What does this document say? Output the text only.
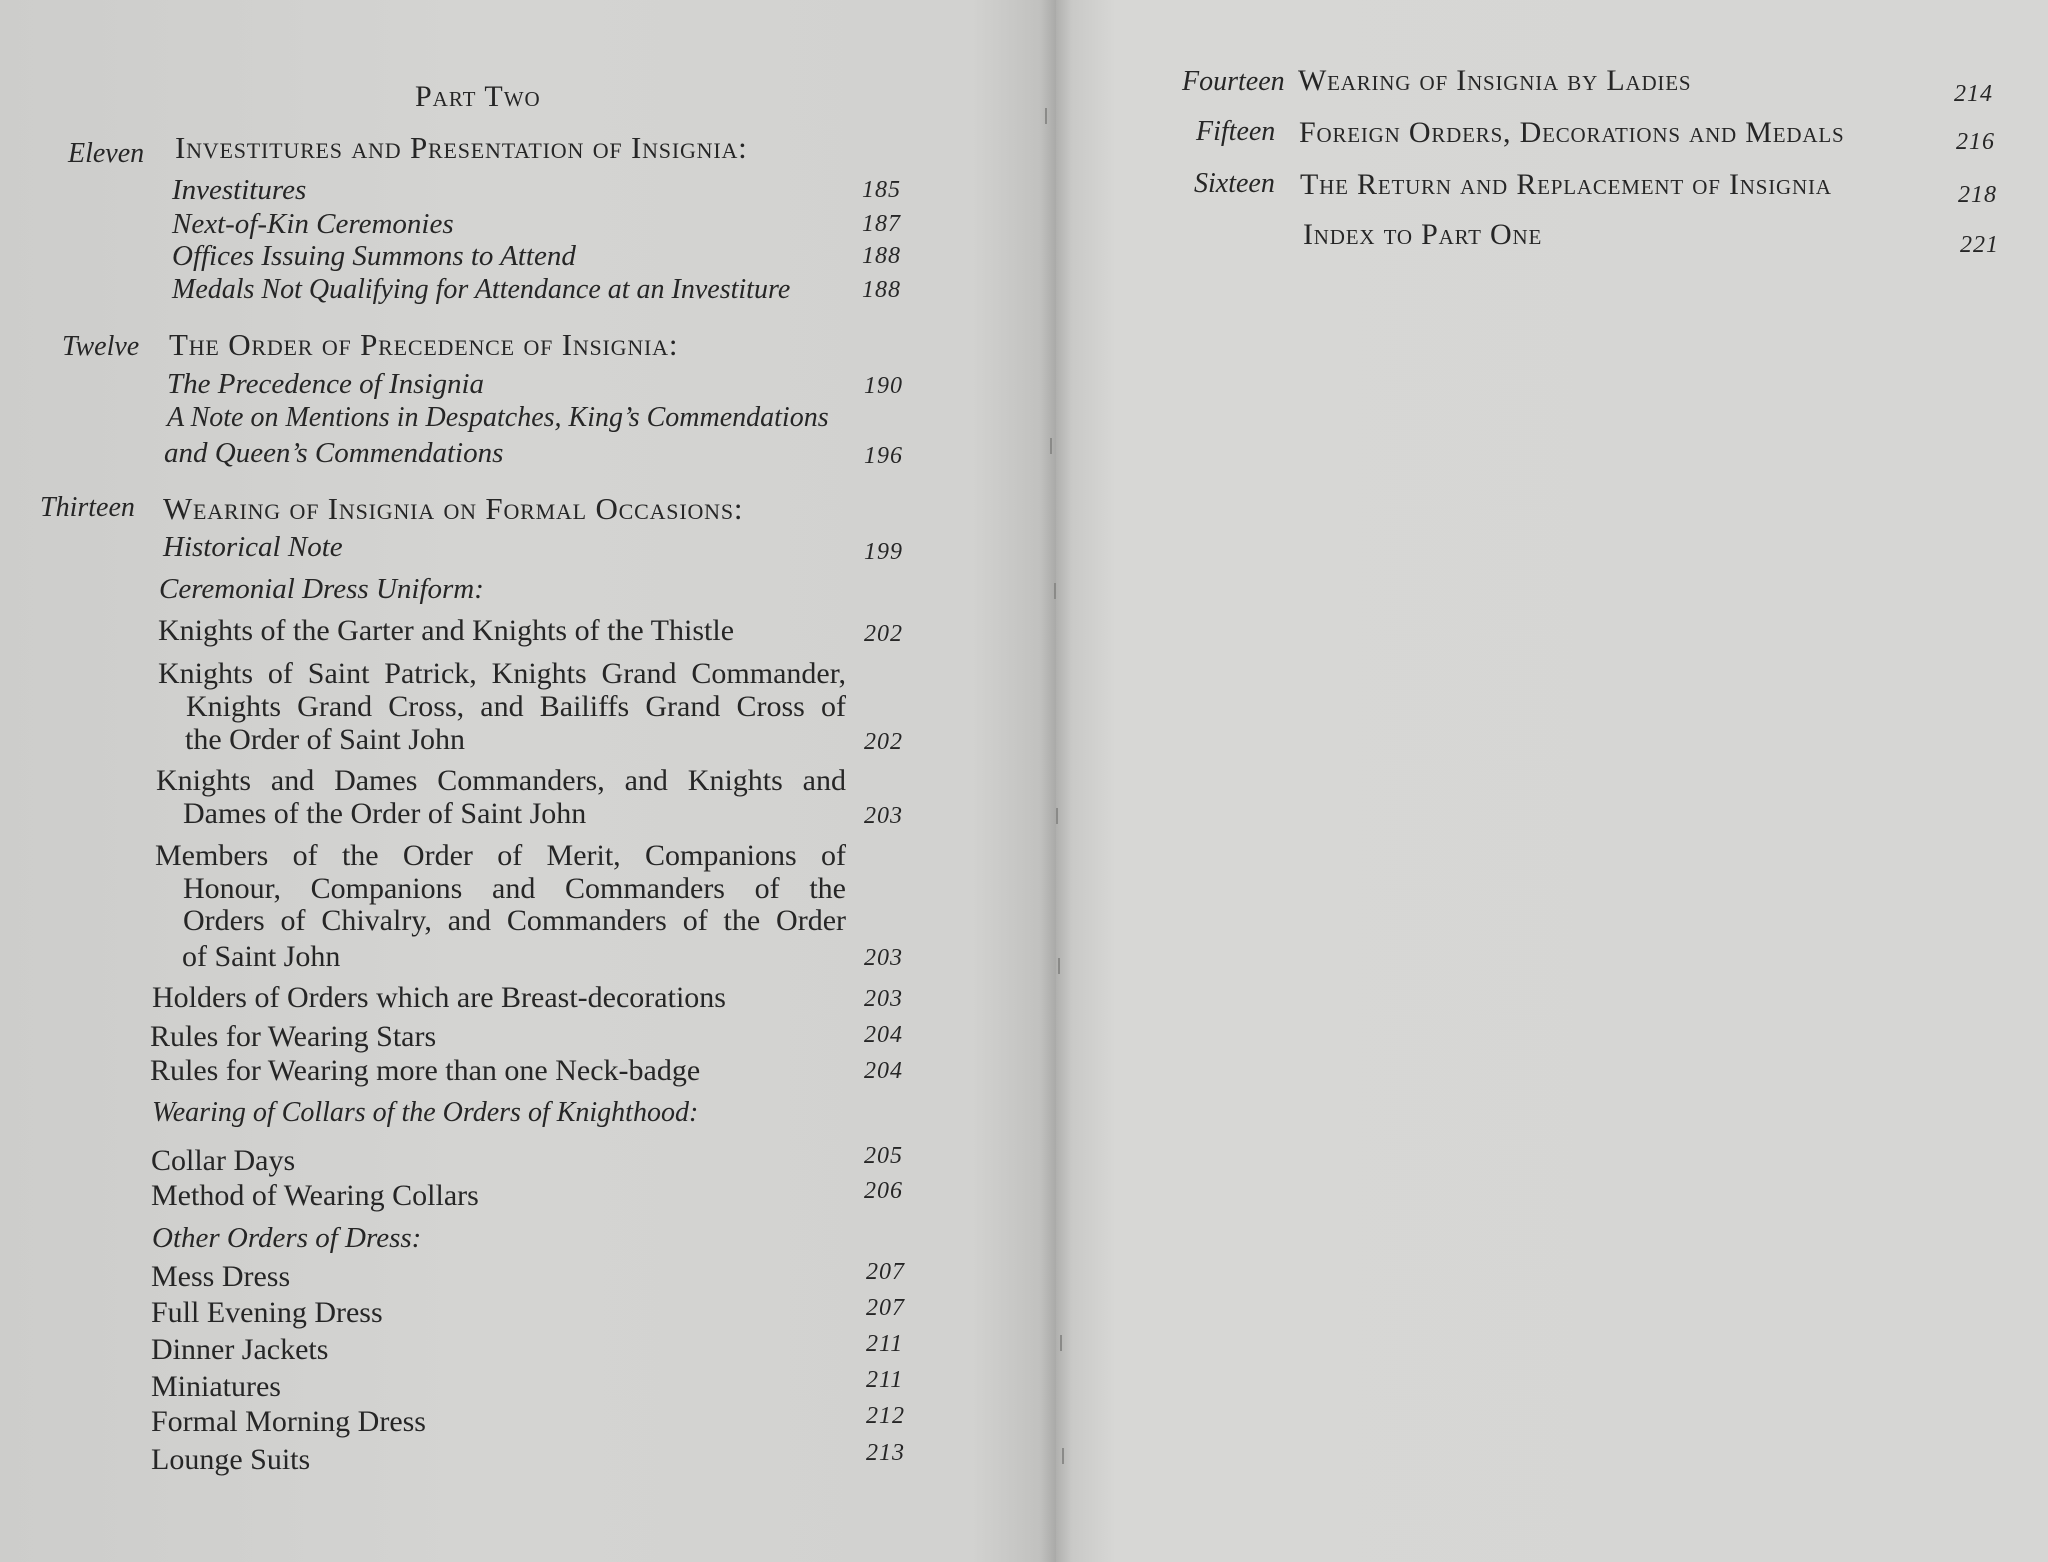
Part Two
Eleven Investitures and Presentation of Insignia:
Investitures	185
Next-of-Kin Ceremonies	187
Offices Issuing Summons to Attend	188
Medals Not Qualifying for Attendance at an Investiture	188
Twelve The Order of Precedence of Insignia:
The Precedence of Insignia	190
A Note on Mentions in Despatches, King’s Commendations
and Queen’s Commendations	196
Thirteen Wearing of Insignia on Formal Occasions:
Historical Note	199
Ceremonial Dress Uniform:
Knights of the Garter and Knights of the Thistle	202
Knights of Saint Patrick, Knights Grand Commander,
Knights Grand Cross, and Bailiffs Grand Cross of
the Order of Saint John	202
Knights and Dames Commanders, and Knights and
Dames of the Order of Saint John	203
Members of the Order of Merit, Companions of
Honour, Companions and Commanders of the
Orders of Chivalry, and Commanders of the Order
of Saint John	203
Holders of Orders which are Breast-decorations	203
Rules for Wearing Stars	204
Rules for Wearing more than one Neck-badge	204
Wearing of Collars of the Orders of Knighthood:
Collar Days	205
Method of Wearing Collars	206
Other Orders of Dress:
Mess Dress	207
Full Evening Dress	207
Dinner Jackets	211
Miniatures	211
Formal Morning Dress	212
Lounge Suits	213
Fourteen Wearing of Insignia by Ladies	214
Fifteen Foreign Orders, Decorations and Medals	216
Sixteen The Return and Replacement of Insignia	218
Index to Part One	221
